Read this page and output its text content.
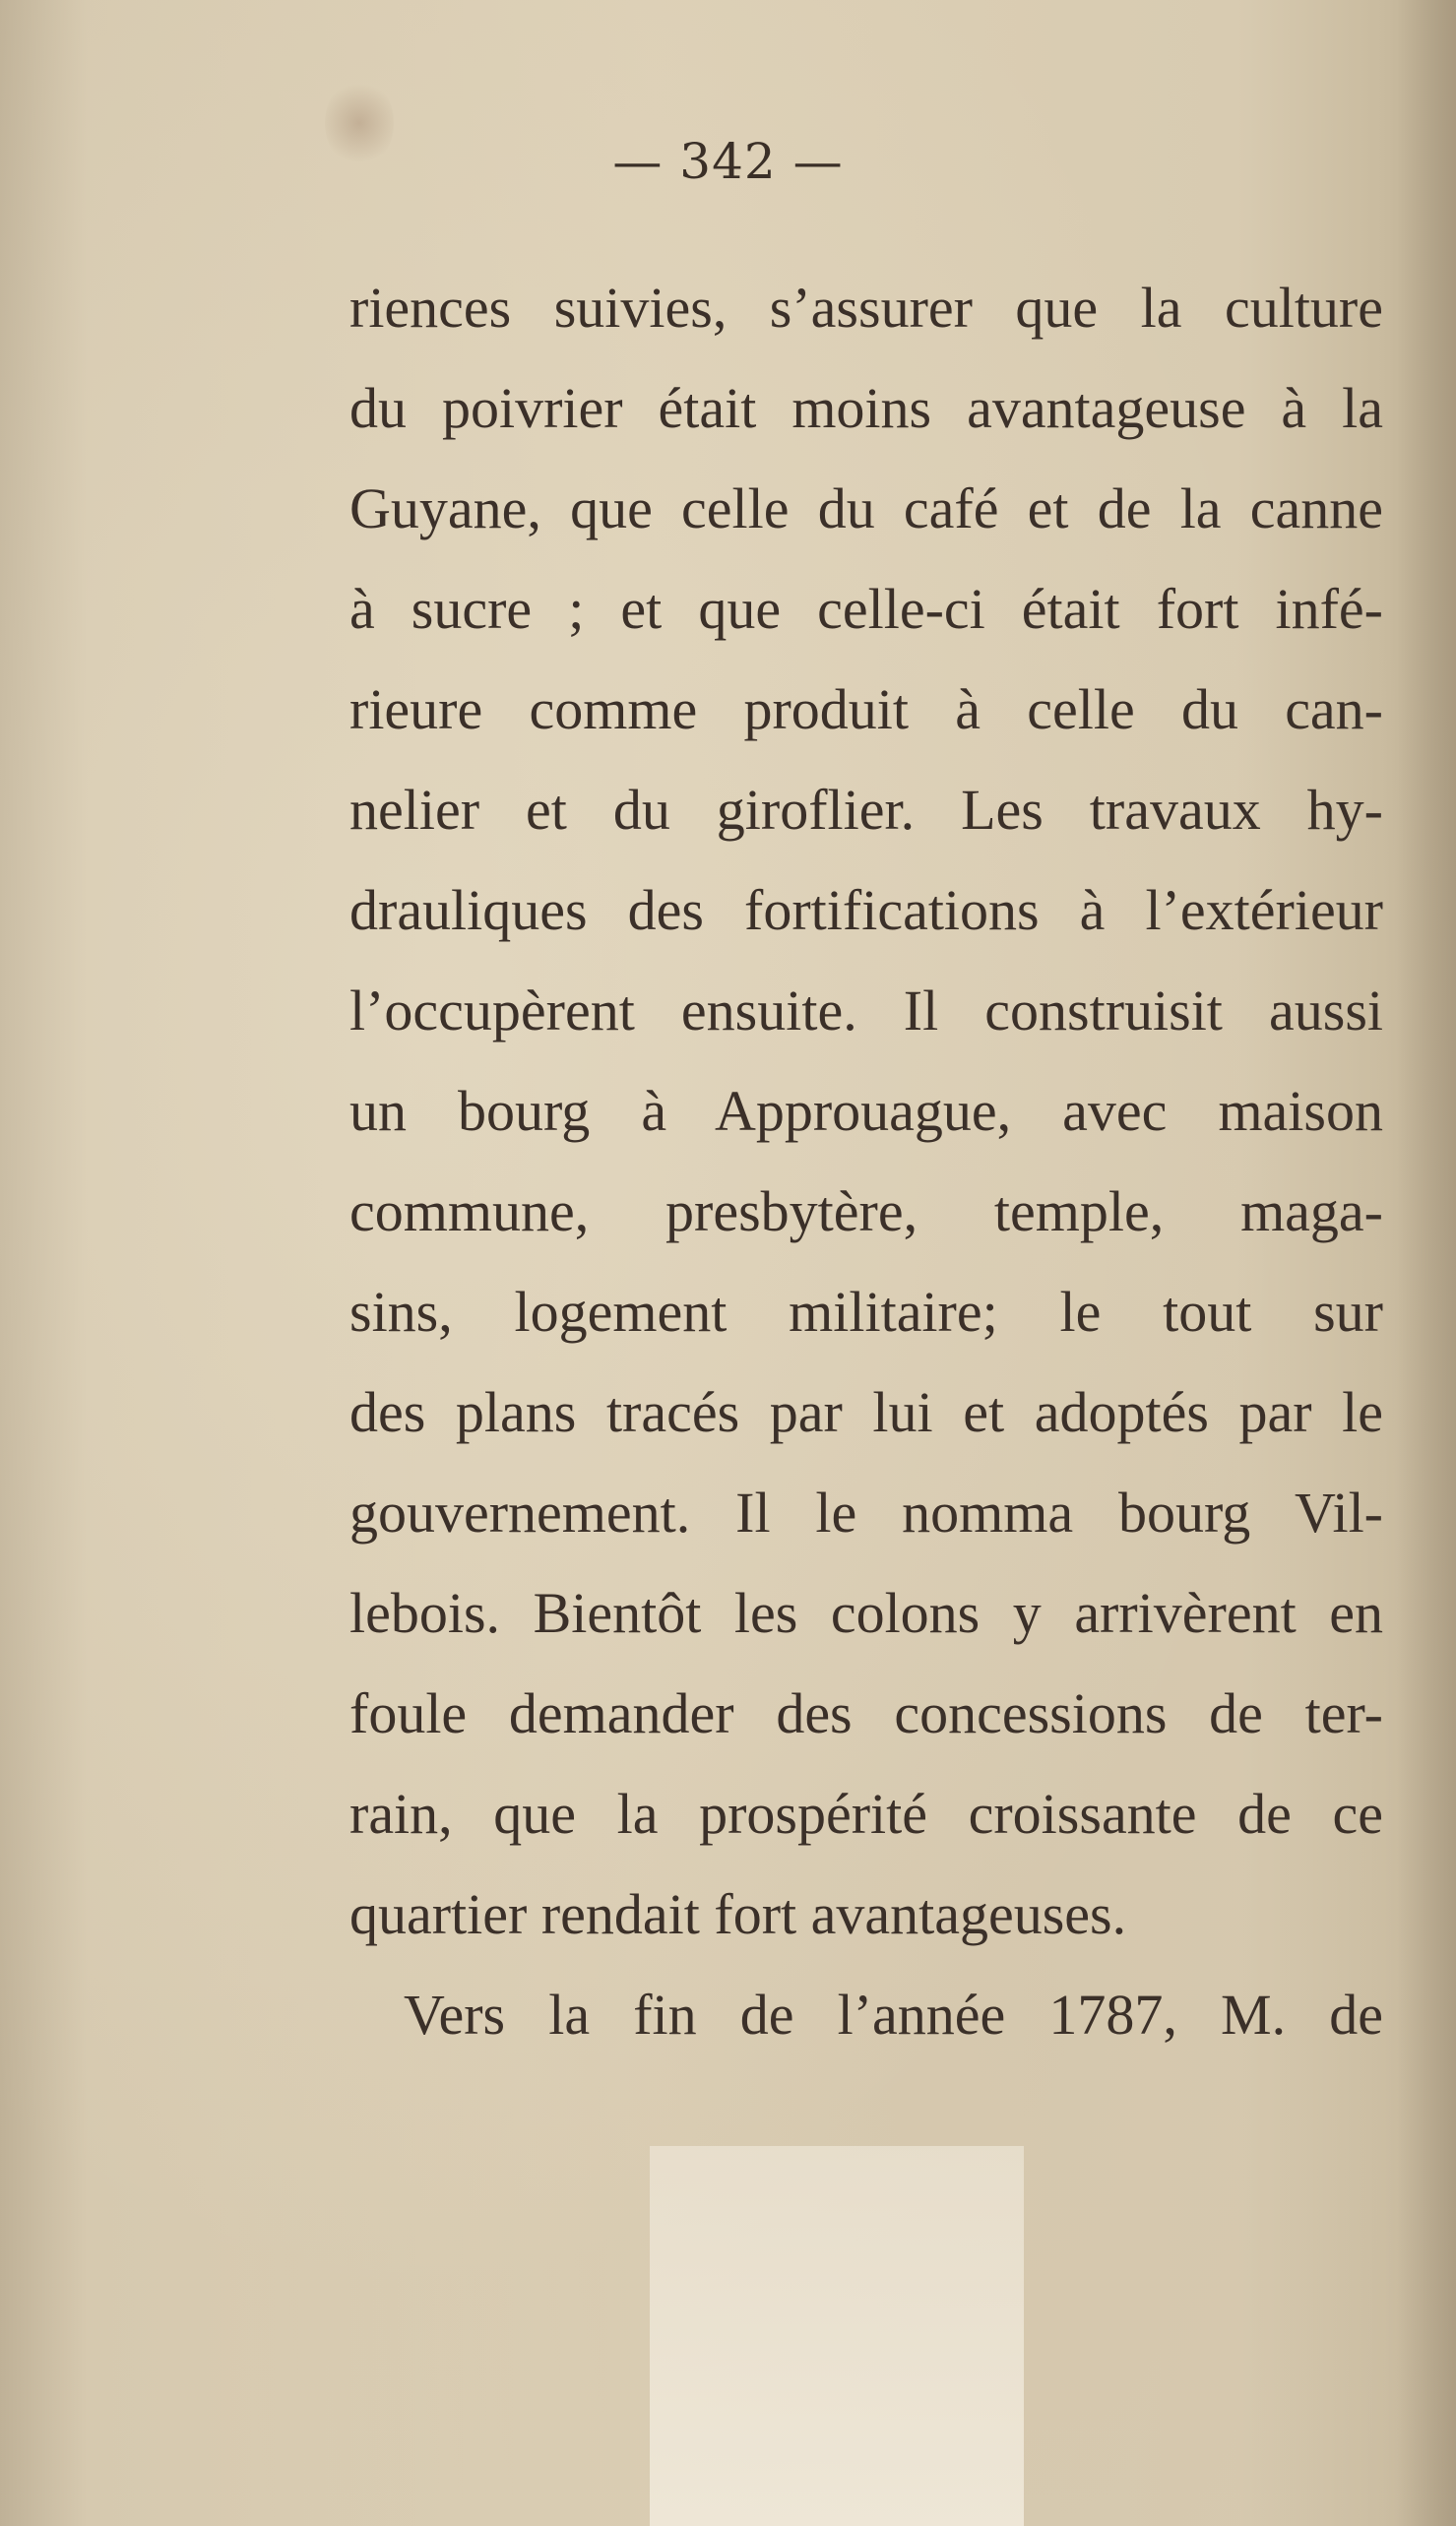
— 342 —
riences suivies, s’assurer que la culture
du poivrier était moins avantageuse à la
Guyane, que celle du café et de la canne
à sucre ; et que celle-ci était fort infé-
rieure comme produit à celle du can-
nelier et du giroflier. Les travaux hy-
drauliques des fortifications à l’extérieur
l’occupèrent ensuite. Il construisit aussi
un bourg à Approuague, avec maison
commune, presbytère, temple, maga-
sins, logement militaire; le tout sur
des plans tracés par lui et adoptés par le
gouvernement. Il le nomma bourg Vil-
lebois. Bientôt les colons y arrivèrent en
foule demander des concessions de ter-
rain, que la prospérité croissante de ce
quartier rendait fort avantageuses.
Vers la fin de l’année 1787, M. de
